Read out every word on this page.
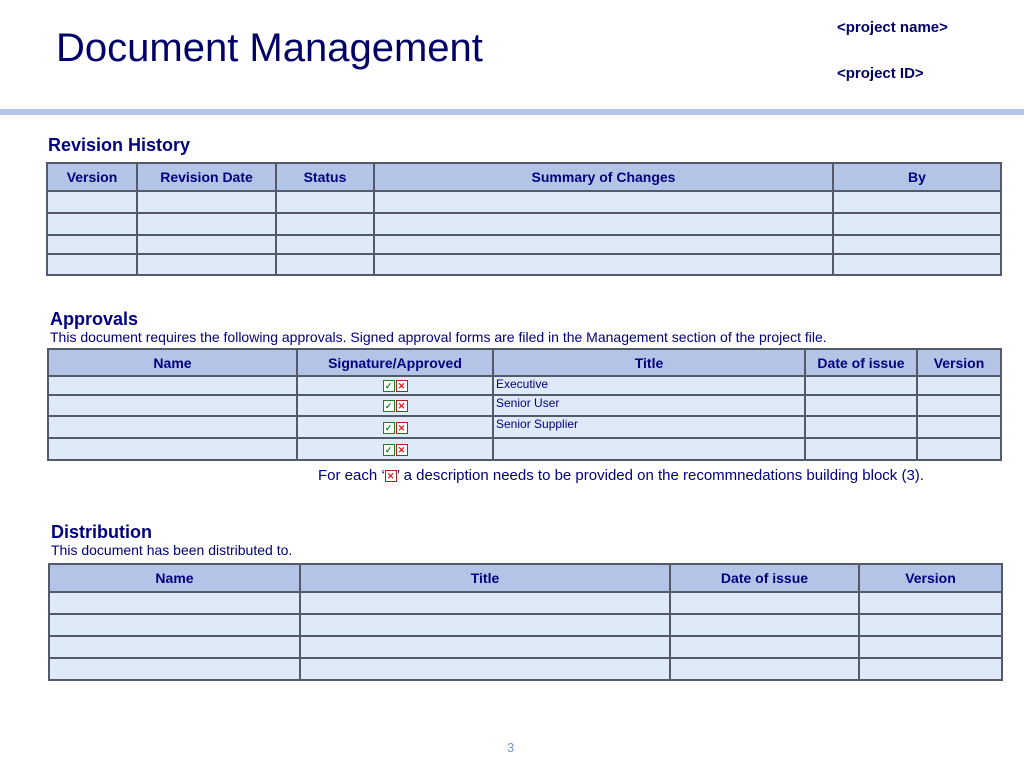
Document Management	<project name>
<project ID>
Revision History
Version	Revision Date	Status	Summary of Changes	By

Approvals
This document requires the following approvals. Signed approval forms are filed in the Management section of the project file.
Name	Signature/Approved	Title	Date of issue	Version
	✓ ✕	Executive		
	✓ ✕	Senior User		
	✓ ✕	Senior Supplier		
	✓ ✕			
For each ‘ ✕ ’ a description needs to be provided on the recommnedations building block (3).
Distribution
This document has been distributed to.
Name	Title	Date of issue	Version

3
